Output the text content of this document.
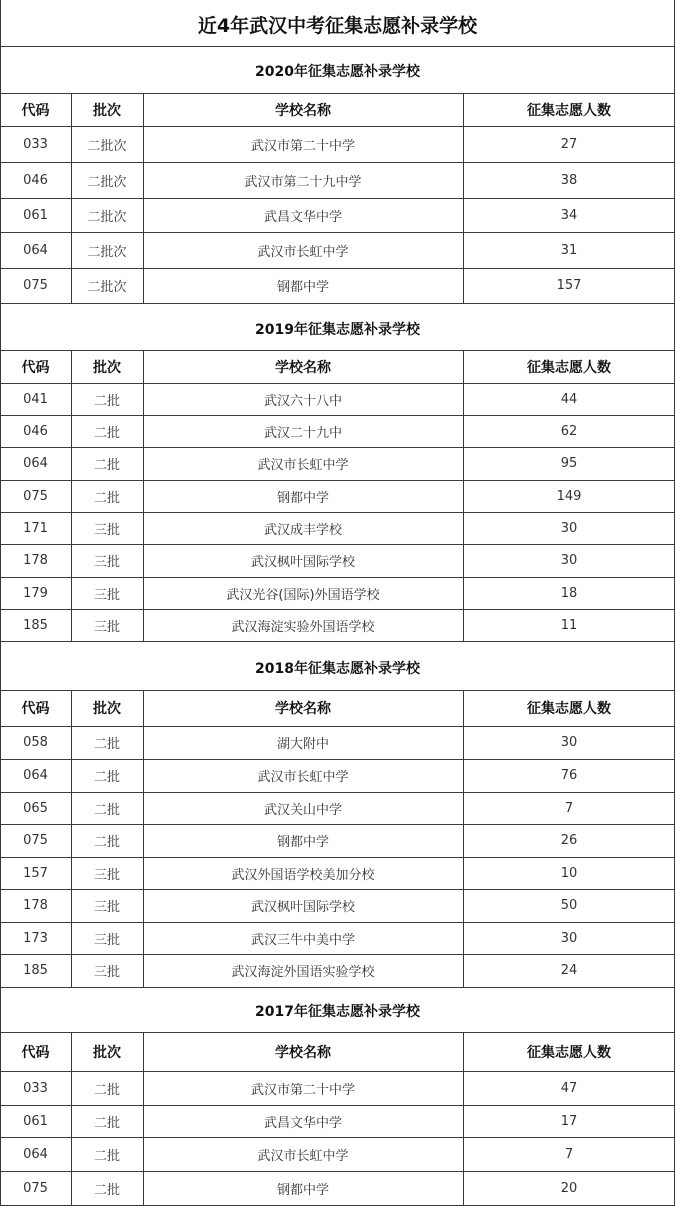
近4年武汉中考征集志愿补录学校
2020年征集志愿补录学校
代码	批次	学校名称	征集志愿人数
033	二批次	武汉市第二十中学	27
046	二批次	武汉市第二十九中学	38
061	二批次	武昌文华中学	34
064	二批次	武汉市长虹中学	31
075	二批次	钢都中学	157
2019年征集志愿补录学校
代码	批次	学校名称	征集志愿人数
041	二批	武汉六十八中	44
046	二批	武汉二十九中	62
064	二批	武汉市长虹中学	95
075	二批	钢都中学	149
171	三批	武汉成丰学校	30
178	三批	武汉枫叶国际学校	30
179	三批	武汉光谷(国际)外国语学校	18
185	三批	武汉海淀实验外国语学校	11
2018年征集志愿补录学校
代码	批次	学校名称	征集志愿人数
058	二批	湖大附中	30
064	二批	武汉市长虹中学	76
065	二批	武汉关山中学	7
075	二批	钢都中学	26
157	三批	武汉外国语学校美加分校	10
178	三批	武汉枫叶国际学校	50
173	三批	武汉三牛中美中学	30
185	三批	武汉海淀外国语实验学校	24
2017年征集志愿补录学校
代码	批次	学校名称	征集志愿人数
033	二批	武汉市第二十中学	47
061	二批	武昌文华中学	17
064	二批	武汉市长虹中学	7
075	二批	钢都中学	20
